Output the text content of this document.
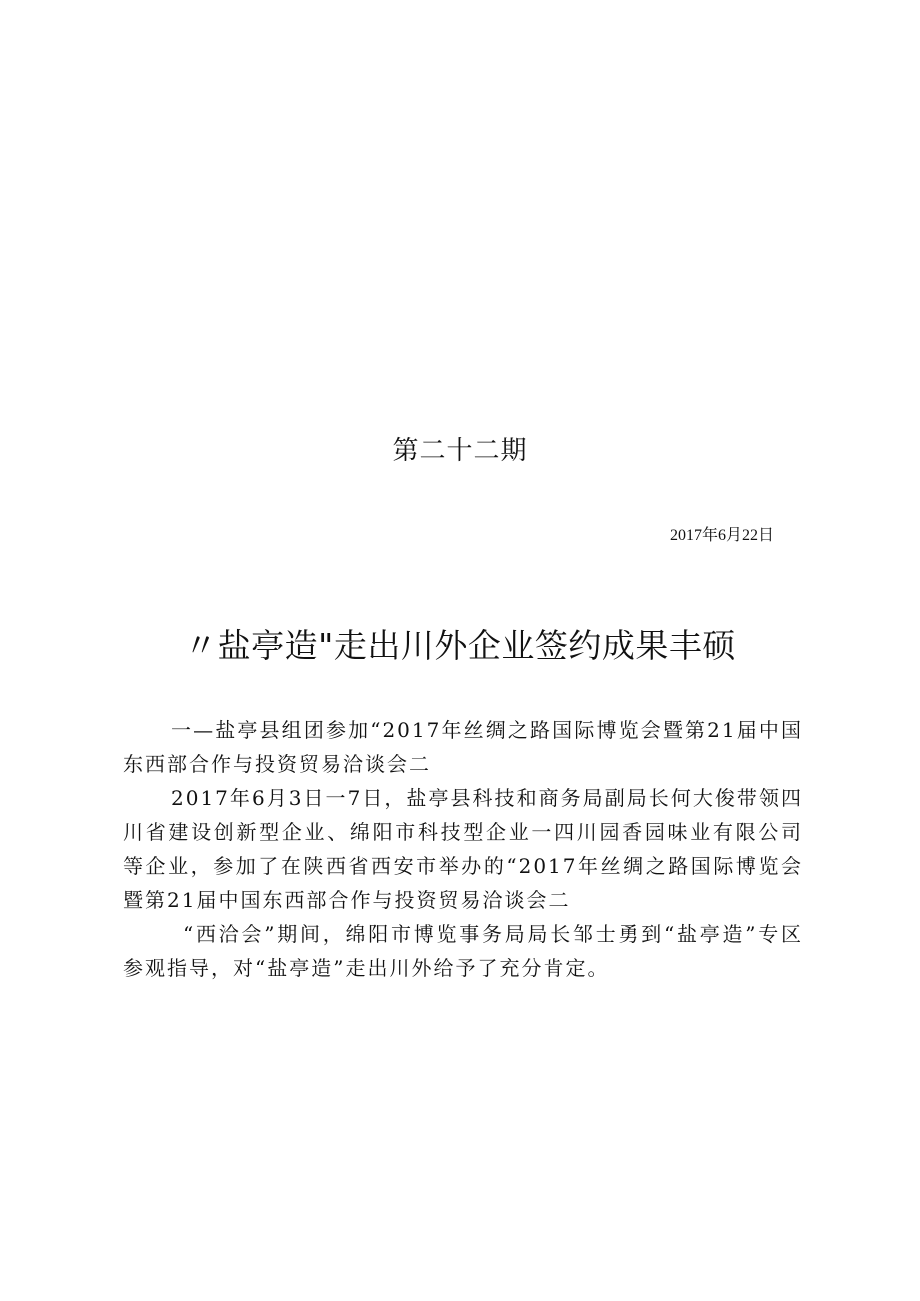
第二十二期
2017年6月22日
〃盐亭造"走出川外企业签约成果丰硕

一—盐亭县组团参加“2017年丝绸之路国际博览会暨第21届中国东西部合作与投资贸易洽谈会二

2017年6月3日一7日，盐亭县科技和商务局副局长何大俊带领四川省建设创新型企业、绵阳市科技型企业一四川园香园味业有限公司等企业，参加了在陕西省西安市举办的“2017年丝绸之路国际博览会暨第21届中国东西部合作与投资贸易洽谈会二

“西洽会”期间，绵阳市博览事务局局长邹士勇到“盐亭造”专区参观指导，对“盐亭造”走出川外给予了充分肯定。
